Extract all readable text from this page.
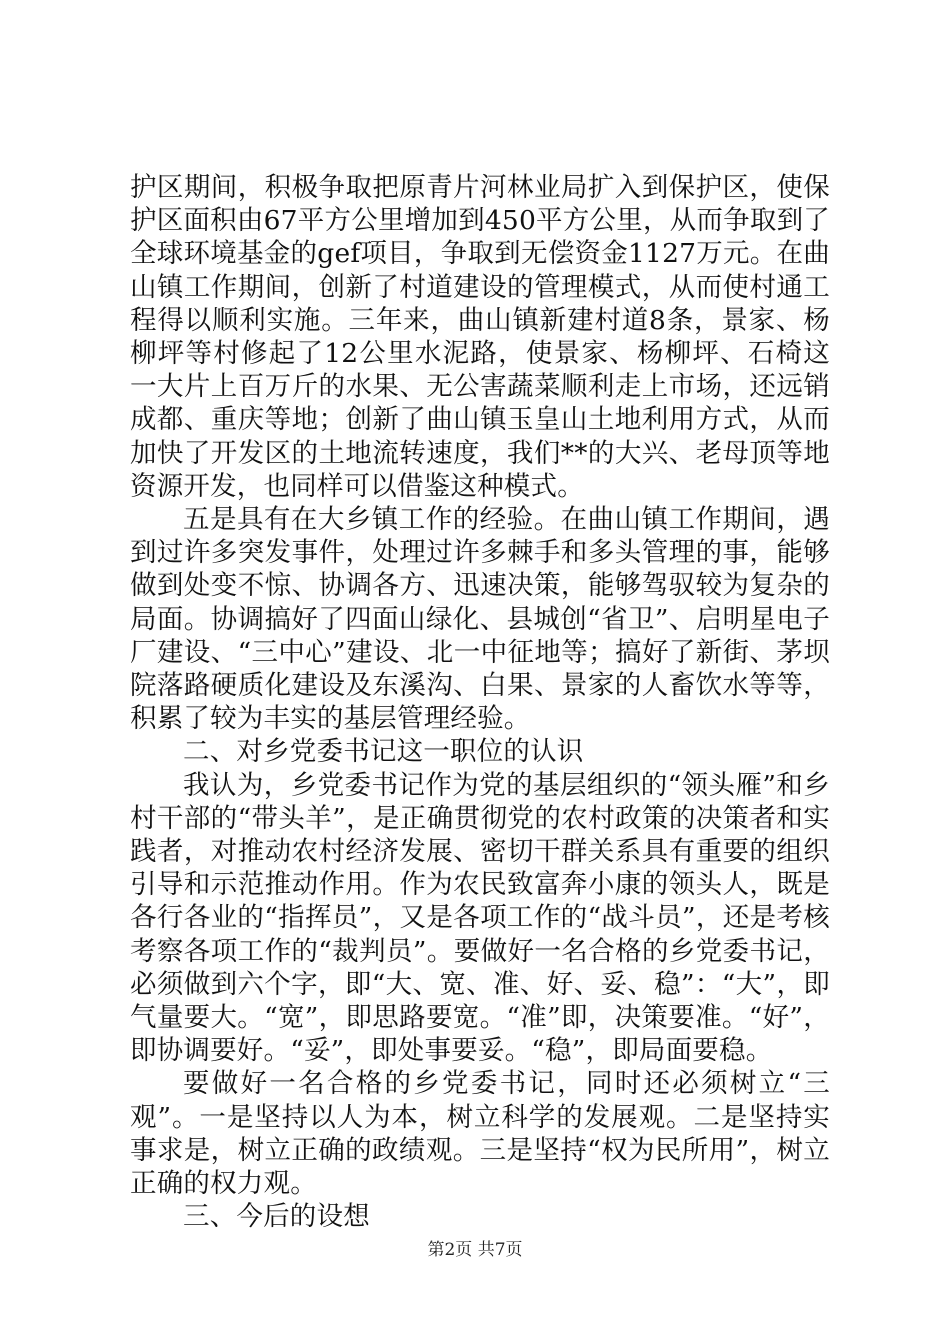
护区期间，积极争取把原青片河林业局扩入到保护区，使保护区面积由67平方公里增加到450平方公里，从而争取到了全球环境基金的gef项目，争取到无偿资金1127万元。在曲山镇工作期间，创新了村道建设的管理模式，从而使村通工程得以顺利实施。三年来，曲山镇新建村道8条，景家、杨柳坪等村修起了12公里水泥路，使景家、杨柳坪、石椅这一大片上百万斤的水果、无公害蔬菜顺利走上市场，还远销成都、重庆等地；创新了曲山镇玉皇山土地利用方式，从而加快了开发区的土地流转速度，我们**的大兴、老母顶等地资源开发，也同样可以借鉴这种模式。

五是具有在大乡镇工作的经验。在曲山镇工作期间，遇到过许多突发事件，处理过许多棘手和多头管理的事，能够做到处变不惊、协调各方、迅速决策，能够驾驭较为复杂的局面。协调搞好了四面山绿化、县城创“省卫”、启明星电子厂建设、“三中心”建设、北一中征地等；搞好了新街、茅坝院落路硬质化建设及东溪沟、白果、景家的人畜饮水等等，积累了较为丰实的基层管理经验。

二、对乡党委书记这一职位的认识

我认为，乡党委书记作为党的基层组织的“领头雁”和乡村干部的“带头羊”，是正确贯彻党的农村政策的决策者和实践者，对推动农村经济发展、密切干群关系具有重要的组织引导和示范推动作用。作为农民致富奔小康的领头人，既是各行各业的“指挥员”，又是各项工作的“战斗员”，还是考核考察各项工作的“裁判员”。要做好一名合格的乡党委书记，必须做到六个字，即“大、宽、准、好、妥、稳”：“大”，即气量要大。“宽”，即思路要宽。“准”即，决策要准。“好”，即协调要好。“妥”，即处事要妥。“稳”，即局面要稳。

要做好一名合格的乡党委书记，同时还必须树立“三观”。一是坚持以人为本，树立科学的发展观。二是坚持实事求是，树立正确的政绩观。三是坚持“权为民所用”，树立正确的权力观。

三、今后的设想

第2页 共7页
